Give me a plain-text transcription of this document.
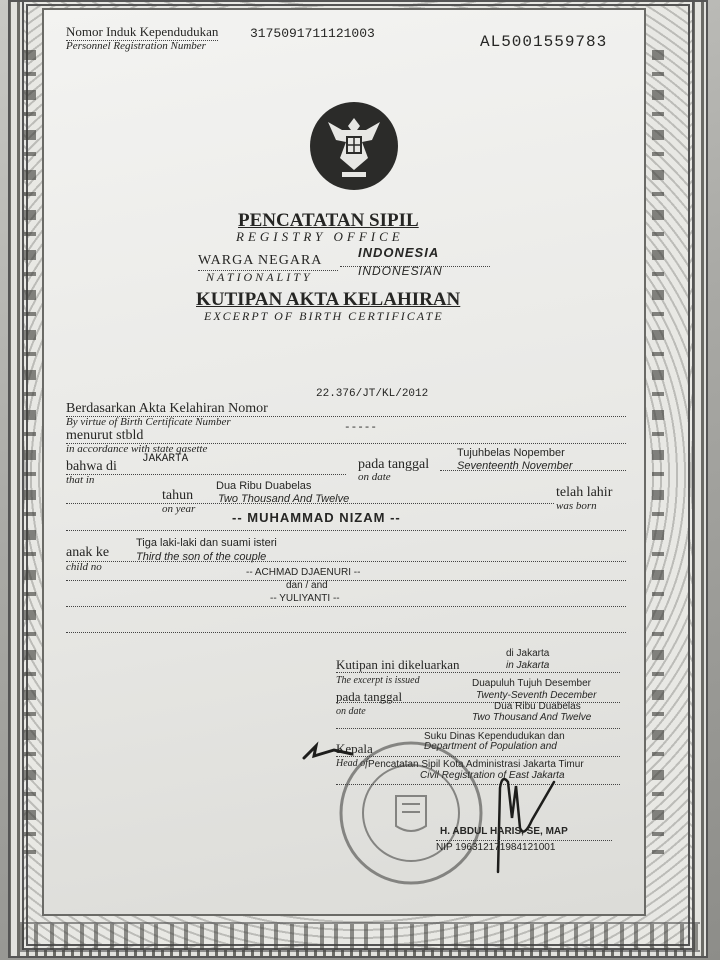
Nomor Induk Kependudukan
Personnel Registration Number
3175091711121003	AL5001559783
PENCATATAN SIPIL
REGISTRY OFFICE
WARGA NEGARA
NATIONALITY
INDONESIA
INDONESIAN
KUTIPAN AKTA KELAHIRAN
EXCERPT OF BIRTH CERTIFICATE
22.376/JT/KL/2012
Berdasarkan Akta Kelahiran Nomor
By virtue of Birth Certificate Number
menurut stbld	-----
in accordance with state gasette
bahwa di JAKARTA
that in
pada tanggal
on date
Tujuhbelas Nopember
Seventeenth November
tahun
on year
Dua Ribu Duabelas
Two Thousand And Twelve	telah lahir
was born
-- MUHAMMAD NIZAM --
anak ke
child no
Tiga laki-laki dan suami isteri
Third the son of the couple
-- ACHMAD DJAENURI --
dan / and
-- YULIYANTI --
di Jakarta
Kutipan ini dikeluarkan	in Jakarta
The excerpt is issued	Duapuluh Tujuh Desember
pada tanggal	Twenty-Seventh December
Dua Ribu Duabelas
on date
Two Thousand And Twelve
Suku Dinas Kependudukan dan
Kepala	Department of Population and
Head of Pencatatan Sipil Kota Administrasi Jakarta Timur
Civil Registration of East Jakarta
H. ABDUL HARIS, SE, MAP
NIP 196312171984121001
